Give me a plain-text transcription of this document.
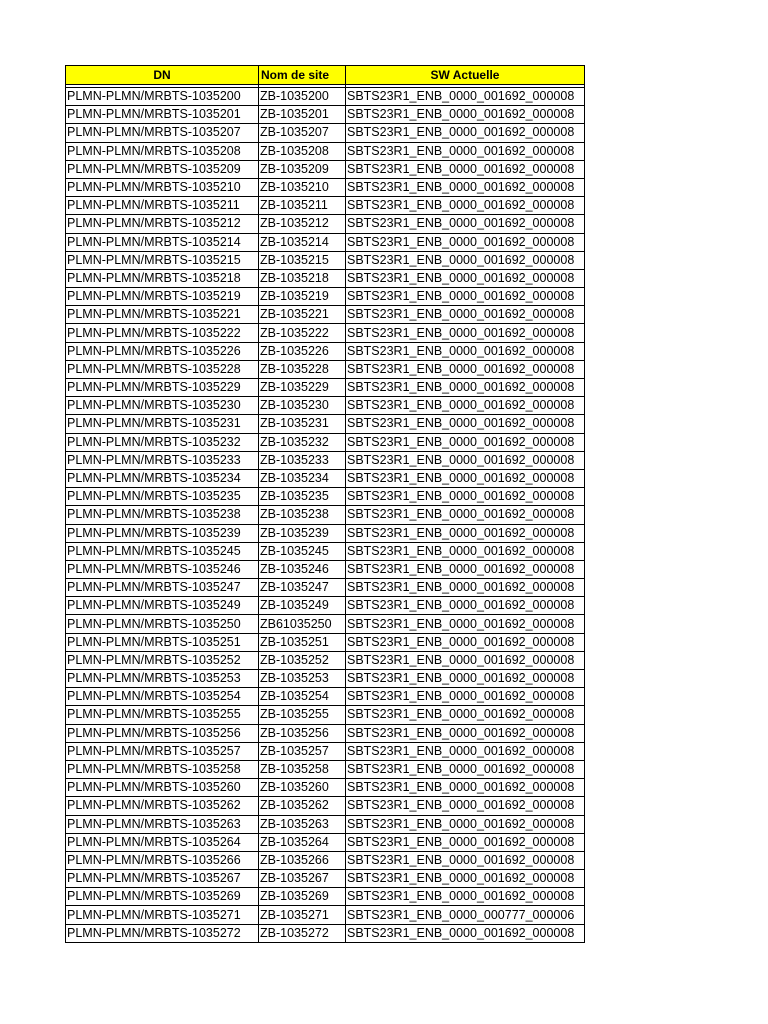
DN	Nom de site	SW Actuelle

PLMN-PLMN/MRBTS-1035200	ZB-1035200	SBTS23R1_ENB_0000_001692_000008
PLMN-PLMN/MRBTS-1035201	ZB-1035201	SBTS23R1_ENB_0000_001692_000008
PLMN-PLMN/MRBTS-1035207	ZB-1035207	SBTS23R1_ENB_0000_001692_000008
PLMN-PLMN/MRBTS-1035208	ZB-1035208	SBTS23R1_ENB_0000_001692_000008
PLMN-PLMN/MRBTS-1035209	ZB-1035209	SBTS23R1_ENB_0000_001692_000008
PLMN-PLMN/MRBTS-1035210	ZB-1035210	SBTS23R1_ENB_0000_001692_000008
PLMN-PLMN/MRBTS-1035211	ZB-1035211	SBTS23R1_ENB_0000_001692_000008
PLMN-PLMN/MRBTS-1035212	ZB-1035212	SBTS23R1_ENB_0000_001692_000008
PLMN-PLMN/MRBTS-1035214	ZB-1035214	SBTS23R1_ENB_0000_001692_000008
PLMN-PLMN/MRBTS-1035215	ZB-1035215	SBTS23R1_ENB_0000_001692_000008
PLMN-PLMN/MRBTS-1035218	ZB-1035218	SBTS23R1_ENB_0000_001692_000008
PLMN-PLMN/MRBTS-1035219	ZB-1035219	SBTS23R1_ENB_0000_001692_000008
PLMN-PLMN/MRBTS-1035221	ZB-1035221	SBTS23R1_ENB_0000_001692_000008
PLMN-PLMN/MRBTS-1035222	ZB-1035222	SBTS23R1_ENB_0000_001692_000008
PLMN-PLMN/MRBTS-1035226	ZB-1035226	SBTS23R1_ENB_0000_001692_000008
PLMN-PLMN/MRBTS-1035228	ZB-1035228	SBTS23R1_ENB_0000_001692_000008
PLMN-PLMN/MRBTS-1035229	ZB-1035229	SBTS23R1_ENB_0000_001692_000008
PLMN-PLMN/MRBTS-1035230	ZB-1035230	SBTS23R1_ENB_0000_001692_000008
PLMN-PLMN/MRBTS-1035231	ZB-1035231	SBTS23R1_ENB_0000_001692_000008
PLMN-PLMN/MRBTS-1035232	ZB-1035232	SBTS23R1_ENB_0000_001692_000008
PLMN-PLMN/MRBTS-1035233	ZB-1035233	SBTS23R1_ENB_0000_001692_000008
PLMN-PLMN/MRBTS-1035234	ZB-1035234	SBTS23R1_ENB_0000_001692_000008
PLMN-PLMN/MRBTS-1035235	ZB-1035235	SBTS23R1_ENB_0000_001692_000008
PLMN-PLMN/MRBTS-1035238	ZB-1035238	SBTS23R1_ENB_0000_001692_000008
PLMN-PLMN/MRBTS-1035239	ZB-1035239	SBTS23R1_ENB_0000_001692_000008
PLMN-PLMN/MRBTS-1035245	ZB-1035245	SBTS23R1_ENB_0000_001692_000008
PLMN-PLMN/MRBTS-1035246	ZB-1035246	SBTS23R1_ENB_0000_001692_000008
PLMN-PLMN/MRBTS-1035247	ZB-1035247	SBTS23R1_ENB_0000_001692_000008
PLMN-PLMN/MRBTS-1035249	ZB-1035249	SBTS23R1_ENB_0000_001692_000008
PLMN-PLMN/MRBTS-1035250	ZB61035250	SBTS23R1_ENB_0000_001692_000008
PLMN-PLMN/MRBTS-1035251	ZB-1035251	SBTS23R1_ENB_0000_001692_000008
PLMN-PLMN/MRBTS-1035252	ZB-1035252	SBTS23R1_ENB_0000_001692_000008
PLMN-PLMN/MRBTS-1035253	ZB-1035253	SBTS23R1_ENB_0000_001692_000008
PLMN-PLMN/MRBTS-1035254	ZB-1035254	SBTS23R1_ENB_0000_001692_000008
PLMN-PLMN/MRBTS-1035255	ZB-1035255	SBTS23R1_ENB_0000_001692_000008
PLMN-PLMN/MRBTS-1035256	ZB-1035256	SBTS23R1_ENB_0000_001692_000008
PLMN-PLMN/MRBTS-1035257	ZB-1035257	SBTS23R1_ENB_0000_001692_000008
PLMN-PLMN/MRBTS-1035258	ZB-1035258	SBTS23R1_ENB_0000_001692_000008
PLMN-PLMN/MRBTS-1035260	ZB-1035260	SBTS23R1_ENB_0000_001692_000008
PLMN-PLMN/MRBTS-1035262	ZB-1035262	SBTS23R1_ENB_0000_001692_000008
PLMN-PLMN/MRBTS-1035263	ZB-1035263	SBTS23R1_ENB_0000_001692_000008
PLMN-PLMN/MRBTS-1035264	ZB-1035264	SBTS23R1_ENB_0000_001692_000008
PLMN-PLMN/MRBTS-1035266	ZB-1035266	SBTS23R1_ENB_0000_001692_000008
PLMN-PLMN/MRBTS-1035267	ZB-1035267	SBTS23R1_ENB_0000_001692_000008
PLMN-PLMN/MRBTS-1035269	ZB-1035269	SBTS23R1_ENB_0000_001692_000008
PLMN-PLMN/MRBTS-1035271	ZB-1035271	SBTS23R1_ENB_0000_000777_000006
PLMN-PLMN/MRBTS-1035272	ZB-1035272	SBTS23R1_ENB_0000_001692_000008
